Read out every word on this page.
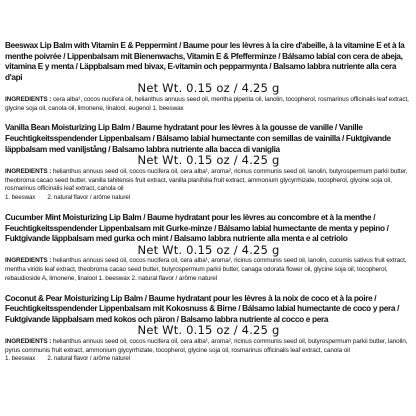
Beeswax Lip Balm with Vitamin E & Peppermint / Baume pour les lèvres à la cire d'abeille, à la vitamine E et à la menthe poivrée / Lippenbalsam mit Bienenwachs, Vitamin E & Pfefferminze / Bálsamo labial con cera de abeja, vitamina E y menta / Läppbalsam med bivax, E-vitamin och pepparmynta / Balsamo labbra nutriente alla cera d'api
Net Wt. 0.15 oz / 4.25 g
INGREDIENTS : cera alba¹, cocos nucifera oil, helianthus annuus seed oil, mentha piperita oil, lanolin, tocopherol, rosmarinus officinalis leaf extract, glycine soja oil, canola oil, limonene, linalool, eugenol 1. beeswax
Vanilla Bean Moisturizing Lip Balm / Baume hydratant pour les lèvres à la gousse de vanille / Vanille Feuchtigkeitsspendender Lippenbalsam / Bálsamo labial humectante con semillas de vainilla / Fuktgivande läppbalsam med vaniljstång / Balsamo labbra nutriente alla bacca di vaniglia
Net Wt. 0.15 oz / 4.25 g
INGREDIENTS : helianthus annuus seed oil, cocos nucifera oil, cera alba¹, aroma², ricinus communis seed oil, lanolin, butyrospermum parkii butter, theobroma cacao seed butter, vanilla tahitensis fruit extract, vanilla planifolia fruit extract, ammonium glycyrrhizate, tocopherol, glycine soja oil, rosmarinus officinalis leaf extract, canola oil
1. beeswax 2. natural flavor / arôme naturel
Cucumber Mint Moisturizing Lip Balm / Baume hydratant pour les lèvres au concombre et à la menthe / Feuchtigkeitsspendender Lippenbalsam mit Gurke-minze / Bálsamo labial humectante de menta y pepino / Fuktgivande läppbalsam med gurka och mint / Balsamo labbra nutriente alla menta e al cetriolo
Net Wt. 0.15 oz / 4.25 g
INGREDIENTS : helianthus annuus seed oil, cocos nucifera oil, cera alba¹, aroma², ricinus communis seed oil, lanolin, cucumis sativus fruit extract, mentha viridis leaf extract, theobroma cacao seed butter, butyrospermum parkii butter, canaga odorata flower oil, glycine soja oil, tocopherol, rebaudioside A, limonene, linalool 1. beeswax 2. natural flavor / arôme naturel
Coconut & Pear Moisturizing Lip Balm / Baume hydratant pour les lèvres à la noix de coco et à la poire / Feuchtigkeitsspendender Lippenbalsam mit Kokosnuss & Birne / Bálsamo labial humectante de coco y pera / Fuktgivande läppbalsam med kokos och päron / Balsamo labbra nutriente al cocco e pera
Net Wt. 0.15 oz / 4.25 g
INGREDIENTS : helianthus annuus seed oil, cocos nucifera oil, cera alba¹, aroma², ricinus communis seed oil, butyrospermum parkii butter, lanolin, pyrus communis fruit extract, ammonium glycyrrhizate, tocopherol, glycine soja oil, rosmarinus officinalis leaf extract, canola oil
1. beeswax 2. natural flavor / arôme naturel
